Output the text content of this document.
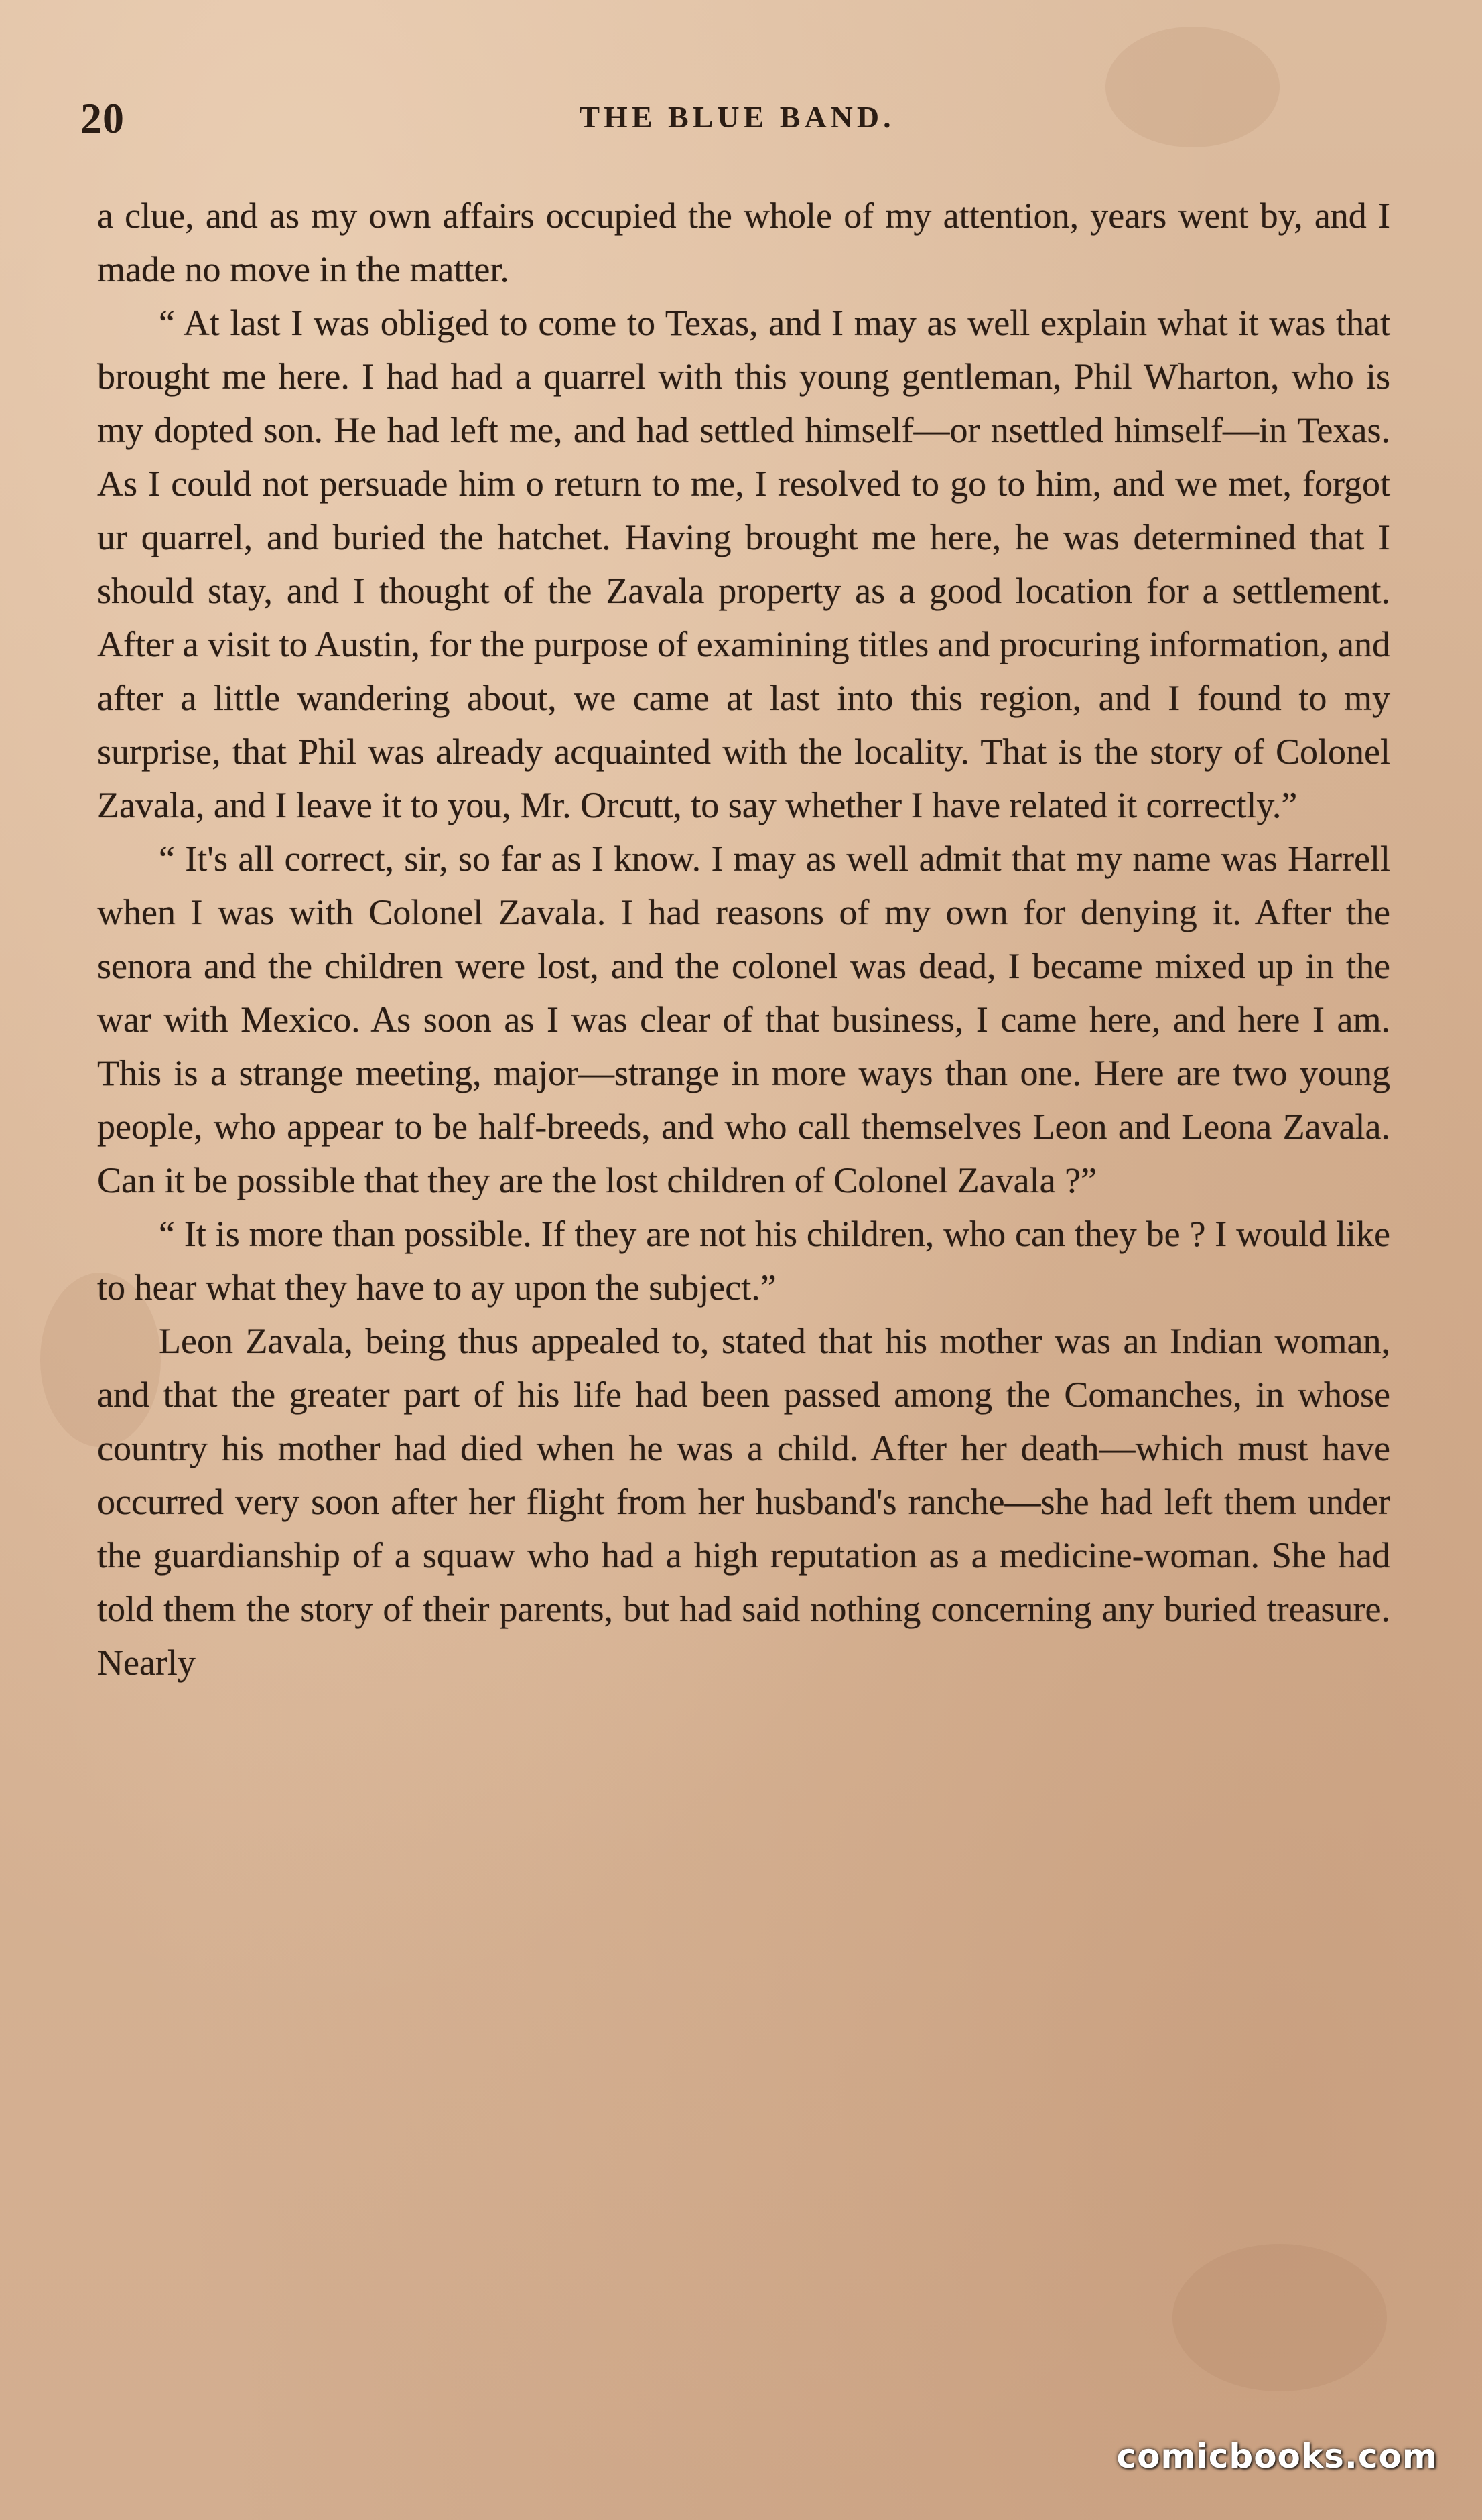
20	THE BLUE BAND.

a clue, and as my own affairs occupied the whole of my attention, years went by, and I made no move in the matter.

“ At last I was obliged to come to Texas, and I may as well explain what it was that brought me here. I had had a quarrel with this young gentleman, Phil Wharton, who is my dopted son. He had left me, and had settled himself—or nsettled himself—in Texas. As I could not persuade him o return to me, I resolved to go to him, and we met, forgot ur quarrel, and buried the hatchet. Having brought me here, he was determined that I should stay, and I thought of the Zavala property as a good location for a settlement. After a visit to Austin, for the purpose of examining titles and procuring information, and after a little wandering about, we came at last into this region, and I found to my surprise, that Phil was already acquainted with the locality. That is the story of Colonel Zavala, and I leave it to you, Mr. Orcutt, to say whether I have related it correctly.”

“ It's all correct, sir, so far as I know. I may as well admit that my name was Harrell when I was with Colonel Zavala. I had reasons of my own for denying it. After the senora and the children were lost, and the colonel was dead, I became mixed up in the war with Mexico. As soon as I was clear of that business, I came here, and here I am. This is a strange meeting, major—strange in more ways than one. Here are two young people, who appear to be half-breeds, and who call themselves Leon and Leona Zavala. Can it be possible that they are the lost children of Colonel Zavala ?”

“ It is more than possible. If they are not his children, who can they be ? I would like to hear what they have to ay upon the subject.”

Leon Zavala, being thus appealed to, stated that his mother was an Indian woman, and that the greater part of his life had been passed among the Comanches, in whose country his mother had died when he was a child. After her death—which must have occurred very soon after her flight from her husband's ranche—she had left them under the guardianship of a squaw who had a high reputation as a medicine-woman. She had told them the story of their parents, but had said nothing concerning any buried treasure. Nearly

comicbooks.com
